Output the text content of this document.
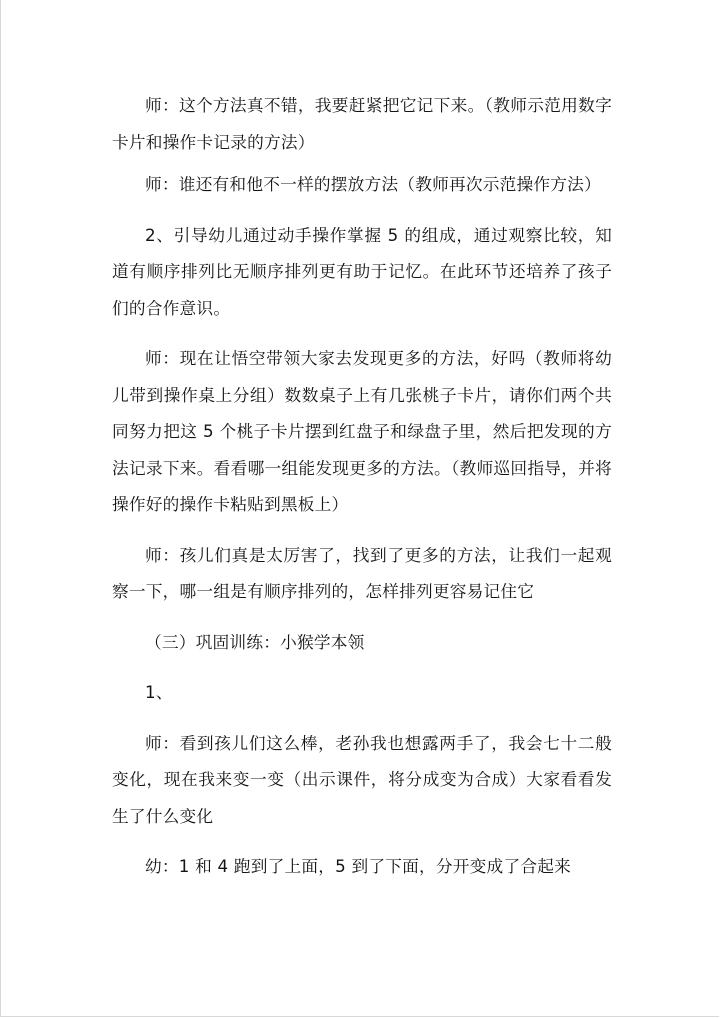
师：这个方法真不错，我要赶紧把它记下来。（教师示范用数字卡片和操作卡记录的方法）

师：谁还有和他不一样的摆放方法（教师再次示范操作方法）

2、引导幼儿通过动手操作掌握 5 的组成，通过观察比较，知道有顺序排列比无顺序排列更有助于记忆。在此环节还培养了孩子们的合作意识。

师：现在让悟空带领大家去发现更多的方法，好吗（教师将幼儿带到操作桌上分组）数数桌子上有几张桃子卡片，请你们两个共同努力把这 5 个桃子卡片摆到红盘子和绿盘子里，然后把发现的方法记录下来。看看哪一组能发现更多的方法。（教师巡回指导，并将操作好的操作卡粘贴到黑板上）

师：孩儿们真是太厉害了，找到了更多的方法，让我们一起观察一下，哪一组是有顺序排列的，怎样排列更容易记住它

（三）巩固训练：小猴学本领

1、

师：看到孩儿们这么棒，老孙我也想露两手了，我会七十二般变化，现在我来变一变（出示课件，将分成变为合成）大家看看发生了什么变化

幼：1 和 4 跑到了上面，5 到了下面，分开变成了合起来
